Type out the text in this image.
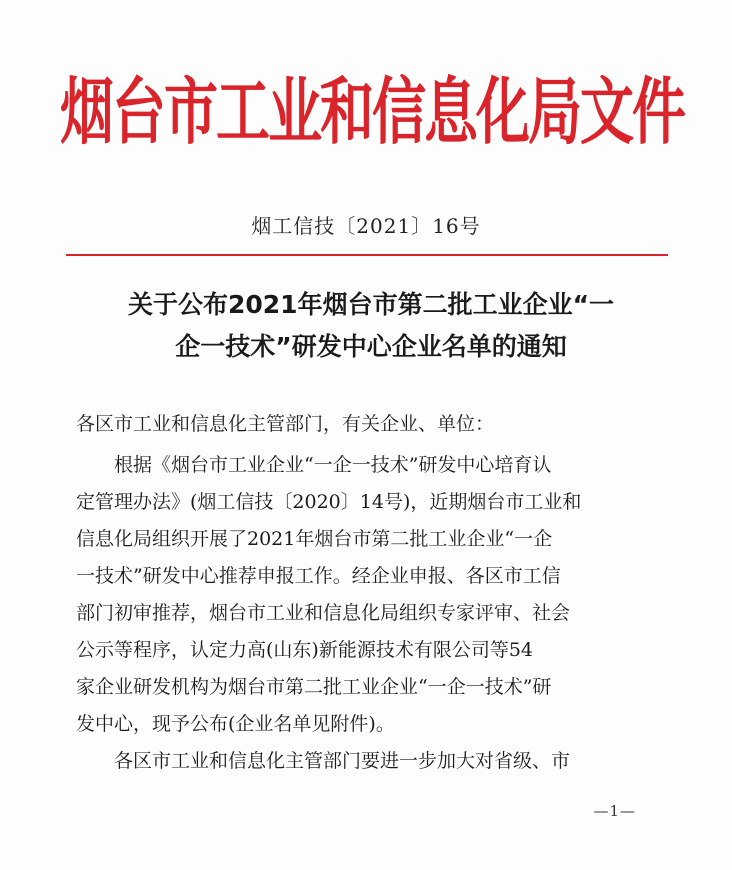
烟台市工业和信息化局文件
烟工信技〔2021〕16号
关于公布2021年烟台市第二批工业企业“一
企一技术”研发中心企业名单的通知

各区市工业和信息化主管部门，有关企业、单位：

根据《烟台市工业企业“一企一技术”研发中心培育认
定管理办法》(烟工信技〔2020〕14号)，近期烟台市工业和
信息化局组织开展了2021年烟台市第二批工业企业“一企
一技术”研发中心推荐申报工作。经企业申报、各区市工信
部门初审推荐，烟台市工业和信息化局组织专家评审、社会
公示等程序，认定力高(山东)新能源技术有限公司等54
家企业研发机构为烟台市第二批工业企业“一企一技术”研
发中心，现予公布(企业名单见附件)。

各区市工业和信息化主管部门要进一步加大对省级、市

—1—
